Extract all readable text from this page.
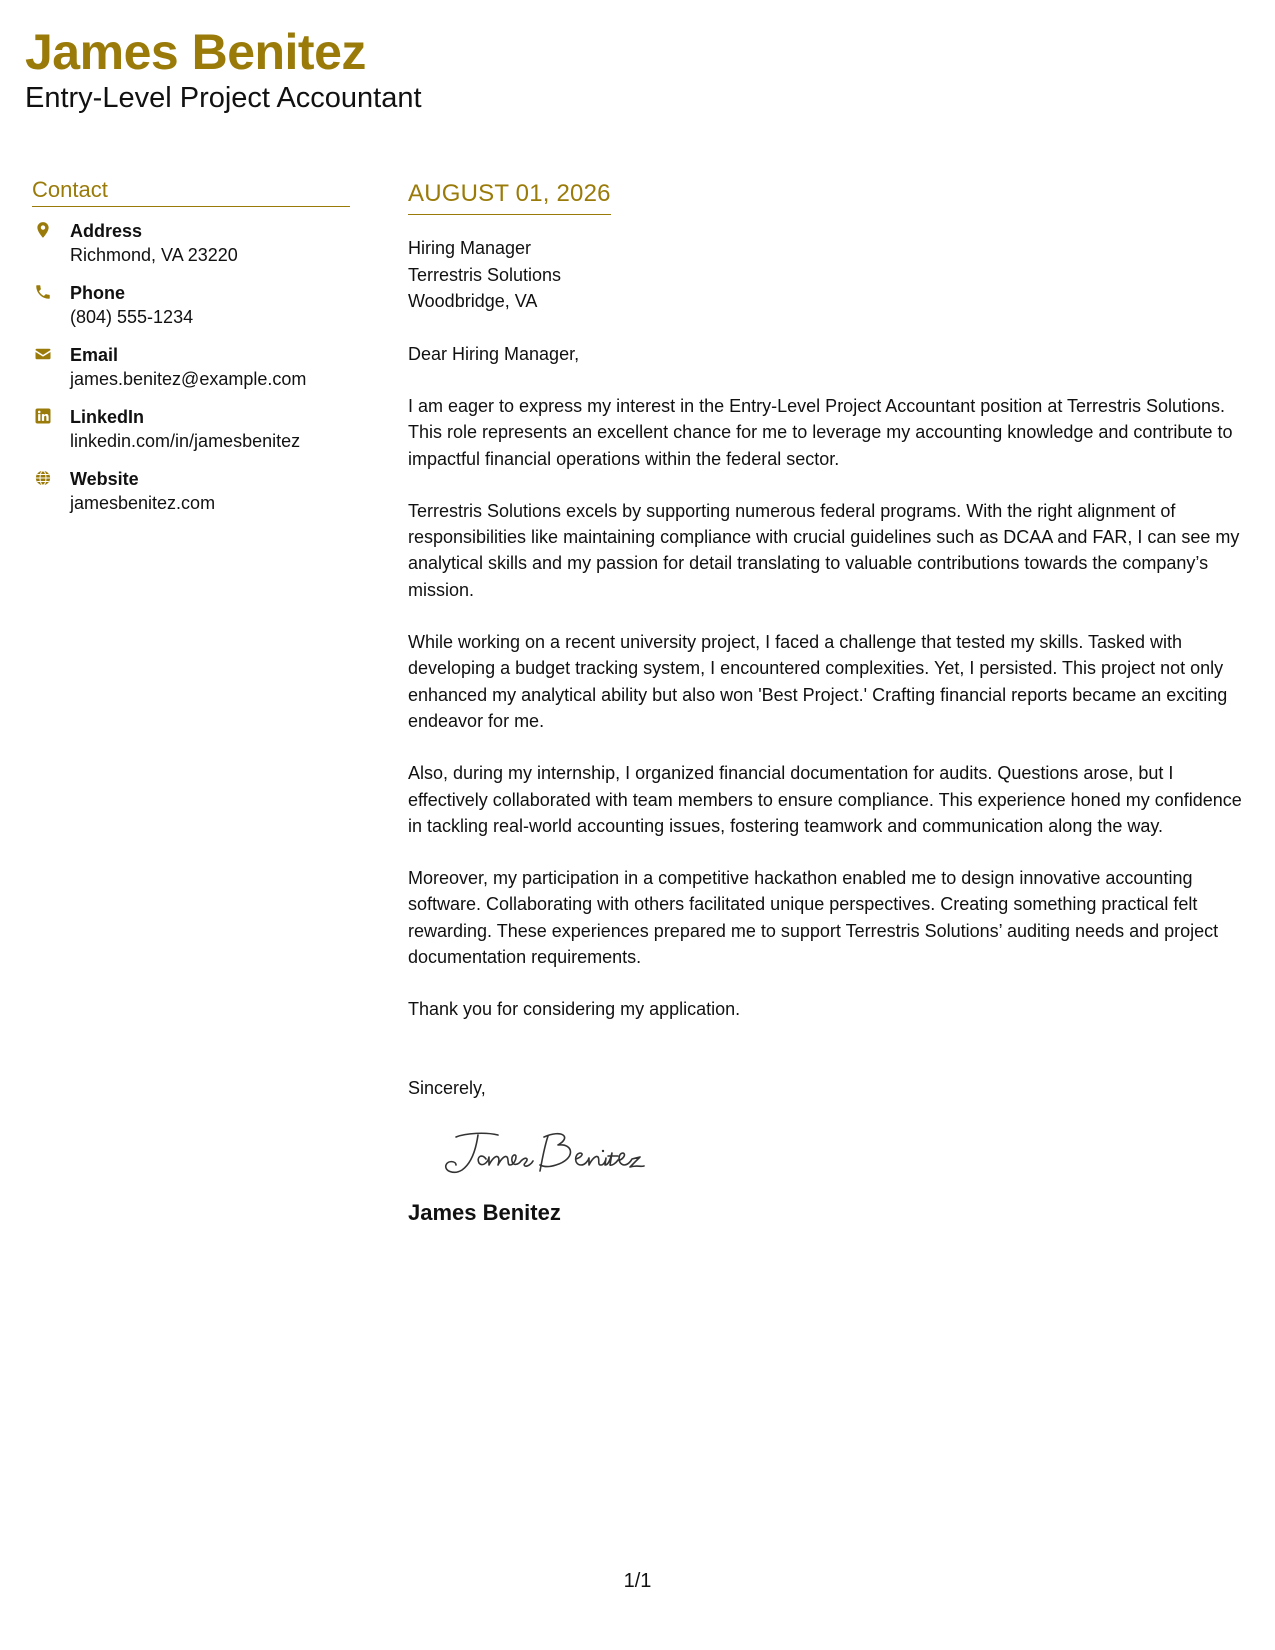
James Benitez
Entry-Level Project Accountant
Contact
Address
Richmond, VA 23220
Phone
(804) 555-1234
Email
james.benitez@example.com
LinkedIn
linkedin.com/in/jamesbenitez
Website
jamesbenitez.com
AUGUST 01, 2026
Hiring Manager
Terrestris Solutions
Woodbridge, VA
Dear Hiring Manager,
I am eager to express my interest in the Entry-Level Project Accountant position at Terrestris Solutions. This role represents an excellent chance for me to leverage my accounting knowledge and contribute to impactful financial operations within the federal sector.
Terrestris Solutions excels by supporting numerous federal programs. With the right alignment of responsibilities like maintaining compliance with crucial guidelines such as DCAA and FAR, I can see my analytical skills and my passion for detail translating to valuable contributions towards the company’s mission.
While working on a recent university project, I faced a challenge that tested my skills. Tasked with developing a budget tracking system, I encountered complexities. Yet, I persisted. This project not only enhanced my analytical ability but also won 'Best Project.' Crafting financial reports became an exciting endeavor for me.
Also, during my internship, I organized financial documentation for audits. Questions arose, but I effectively collaborated with team members to ensure compliance. This experience honed my confidence in tackling real-world accounting issues, fostering teamwork and communication along the way.
Moreover, my participation in a competitive hackathon enabled me to design innovative accounting software. Collaborating with others facilitated unique perspectives. Creating something practical felt rewarding. These experiences prepared me to support Terrestris Solutions’ auditing needs and project documentation requirements.
Thank you for considering my application.
Sincerely,
James Benitez
1/1
